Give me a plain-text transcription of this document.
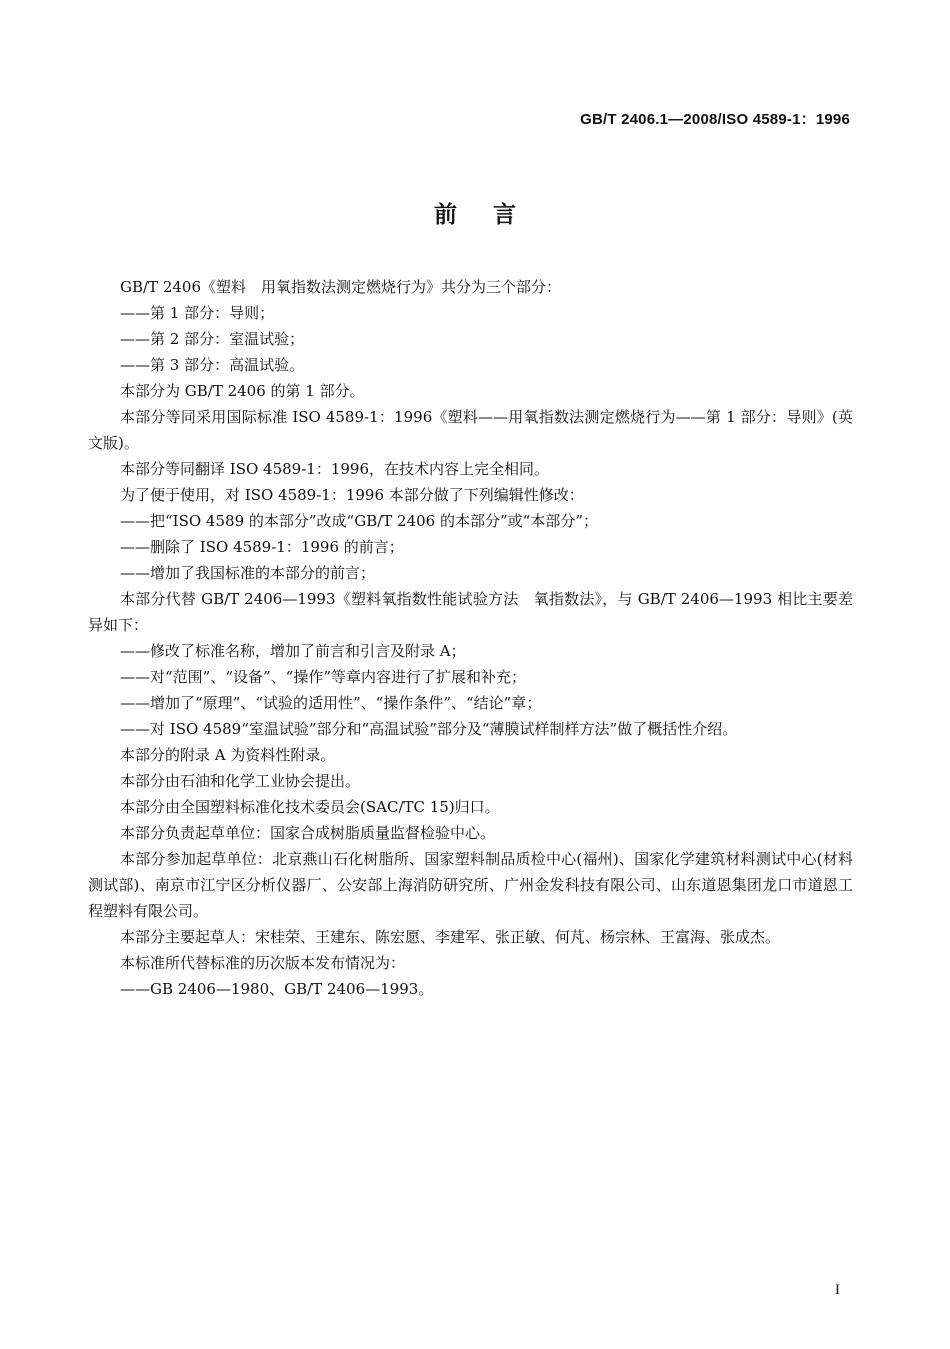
GB/T 2406.1—2008/ISO 4589-1：1996
前言

GB/T 2406《塑料　用氧指数法测定燃烧行为》共分为三个部分：

——第 1 部分：导则；

——第 2 部分：室温试验；

——第 3 部分：高温试验。

本部分为 GB/T 2406 的第 1 部分。

本部分等同采用国际标准 ISO 4589-1：1996《塑料——用氧指数法测定燃烧行为——第 1 部分：导则》(英文版)。

本部分等同翻译 ISO 4589-1：1996，在技术内容上完全相同。

为了便于使用，对 ISO 4589-1：1996 本部分做了下列编辑性修改：

——把“ISO 4589 的本部分”改成“GB/T 2406 的本部分”或“本部分”；

——删除了 ISO 4589-1：1996 的前言；

——增加了我国标准的本部分的前言；

本部分代替 GB/T 2406—1993《塑料氧指数性能试验方法　氧指数法》，与 GB/T 2406—1993 相比主要差异如下：

——修改了标准名称，增加了前言和引言及附录 A；

——对“范围”、“设备”、“操作”等章内容进行了扩展和补充；

——增加了“原理”、“试验的适用性”、“操作条件”、“结论”章；

——对 ISO 4589“室温试验”部分和“高温试验”部分及“薄膜试样制样方法”做了概括性介绍。

本部分的附录 A 为资料性附录。

本部分由石油和化学工业协会提出。

本部分由全国塑料标准化技术委员会(SAC/TC 15)归口。

本部分负责起草单位：国家合成树脂质量监督检验中心。

本部分参加起草单位：北京燕山石化树脂所、国家塑料制品质检中心(福州)、国家化学建筑材料测试中心(材料测试部)、南京市江宁区分析仪器厂、公安部上海消防研究所、广州金发科技有限公司、山东道恩集团龙口市道恩工程塑料有限公司。

本部分主要起草人：宋桂荣、王建东、陈宏愿、李建军、张正敏、何芃、杨宗林、王富海、张成杰。

本标准所代替标准的历次版本发布情况为：

——GB 2406—1980、GB/T 2406—1993。

I
